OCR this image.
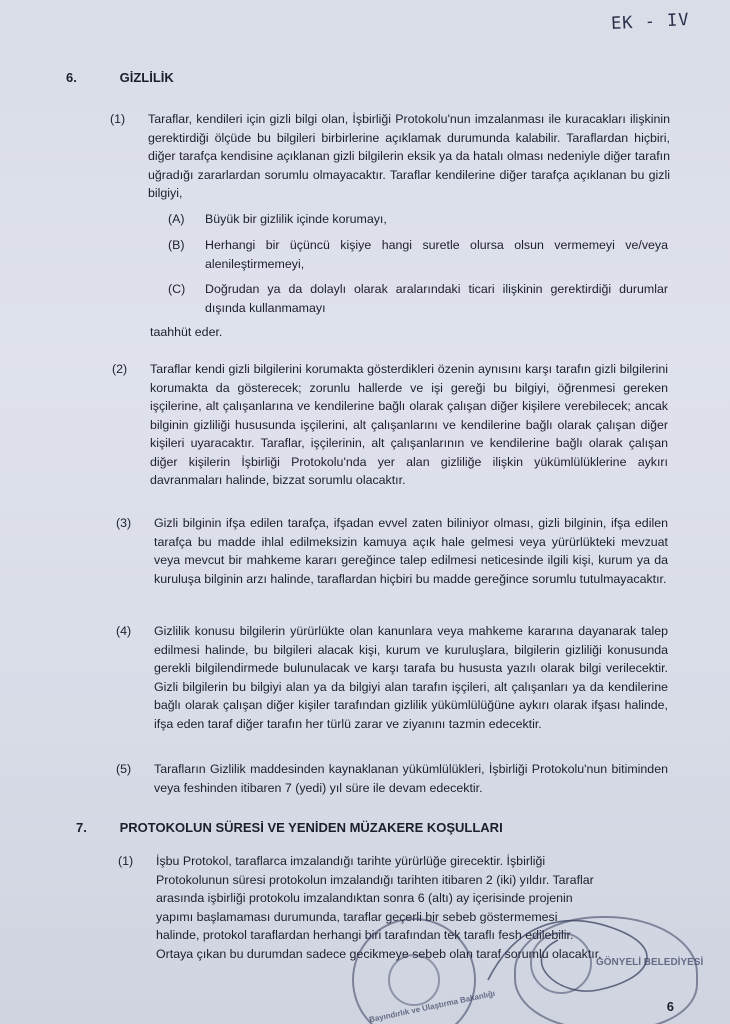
EK - IV
6.	GİZLİLİK
(1) Taraflar, kendileri için gizli bilgi olan, İşbirliği Protokolu'nun imzalanması ile kuracakları ilişkinin gerektirdiği ölçüde bu bilgileri birbirlerine açıklamak durumunda kalabilir. Taraflardan hiçbiri, diğer tarafça kendisine açıklanan gizli bilgilerin eksik ya da hatalı olması nedeniyle diğer tarafın uğradığı zararlardan sorumlu olmayacaktır. Taraflar kendilerine diğer tarafça açıklanan bu gizli bilgiyi,
(A) Büyük bir gizlilik içinde korumayı,
(B) Herhangi bir üçüncü kişiye hangi suretle olursa olsun vermemeyi ve/veya alenileştirmemeyi,
(C) Doğrudan ya da dolaylı olarak aralarındaki ticari ilişkinin gerektirdiği durumlar dışında kullanmamayı
taahhüt eder.
(2) Taraflar kendi gizli bilgilerini korumakta gösterdikleri özenin aynısını karşı tarafın gizli bilgilerini korumakta da gösterecek; zorunlu hallerde ve işi gereği bu bilgiyi, öğrenmesi gereken işçilerine, alt çalışanlarına ve kendilerine bağlı olarak çalışan diğer kişilere verebilecek; ancak bilginin gizliliği hususunda işçilerini, alt çalışanlarını ve kendilerine bağlı olarak çalışan diğer kişileri uyaracaktır. Taraflar, işçilerinin, alt çalışanlarının ve kendilerine bağlı olarak çalışan diğer kişilerin İşbirliği Protokolu'nda yer alan gizliliğe ilişkin yükümlülüklerine aykırı davranmaları halinde, bizzat sorumlu olacaktır.
(3) Gizli bilginin ifşa edilen tarafça, ifşadan evvel zaten biliniyor olması, gizli bilginin, ifşa edilen tarafça bu madde ihlal edilmeksizin kamuya açık hale gelmesi veya yürürlükteki mevzuat veya mevcut bir mahkeme kararı gereğince talep edilmesi neticesinde ilgili kişi, kurum ya da kuruluşa bilginin arzı halinde, taraflardan hiçbiri bu madde gereğince sorumlu tutulmayacaktır.
(4) Gizlilik konusu bilgilerin yürürlükte olan kanunlara veya mahkeme kararına dayanarak talep edilmesi halinde, bu bilgileri alacak kişi, kurum ve kuruluşlara, bilgilerin gizliliği konusunda gerekli bilgilendirmede bulunulacak ve karşı tarafa bu hususta yazılı olarak bilgi verilecektir. Gizli bilgilerin bu bilgiyi alan ya da bilgiyi alan tarafın işçileri, alt çalışanları ya da kendilerine bağlı olarak çalışan diğer kişiler tarafından gizlilik yükümlülüğüne aykırı olarak ifşası halinde, ifşa eden taraf diğer tarafın her türlü zarar ve ziyanını tazmin edecektir.
(5) Tarafların Gizlilik maddesinden kaynaklanan yükümlülükleri, İşbirliği Protokolu'nun bitiminden veya feshinden itibaren 7 (yedi) yıl süre ile devam edecektir.
7.	PROTOKOLUN SÜRESİ VE YENİDEN MÜZAKERE KOŞULLARI
(1) İşbu Protokol, taraflarca imzalandığı tarihte yürürlüğe girecektir. İşbirliği
Protokolunun süresi protokolun imzalandığı tarihten itibaren 2 (iki) yıldır. Taraflar
arasında işbirliği protokolu imzalandıktan sonra 6 (altı) ay içerisinde projenin
yapımı başlamaması durumunda, taraflar geçerli bir sebeb göstermemesi
halinde, protokol taraflardan herhangi biri tarafından tek taraflı fesh edilebilir.
Ortaya çıkan bu durumdan sadece gecikmeye sebeb olan taraf sorumlu olacaktır.
Bayındırlık ve Ulaştırma Bakanlığı
GÖNYELİ BELEDİYESİ
6
